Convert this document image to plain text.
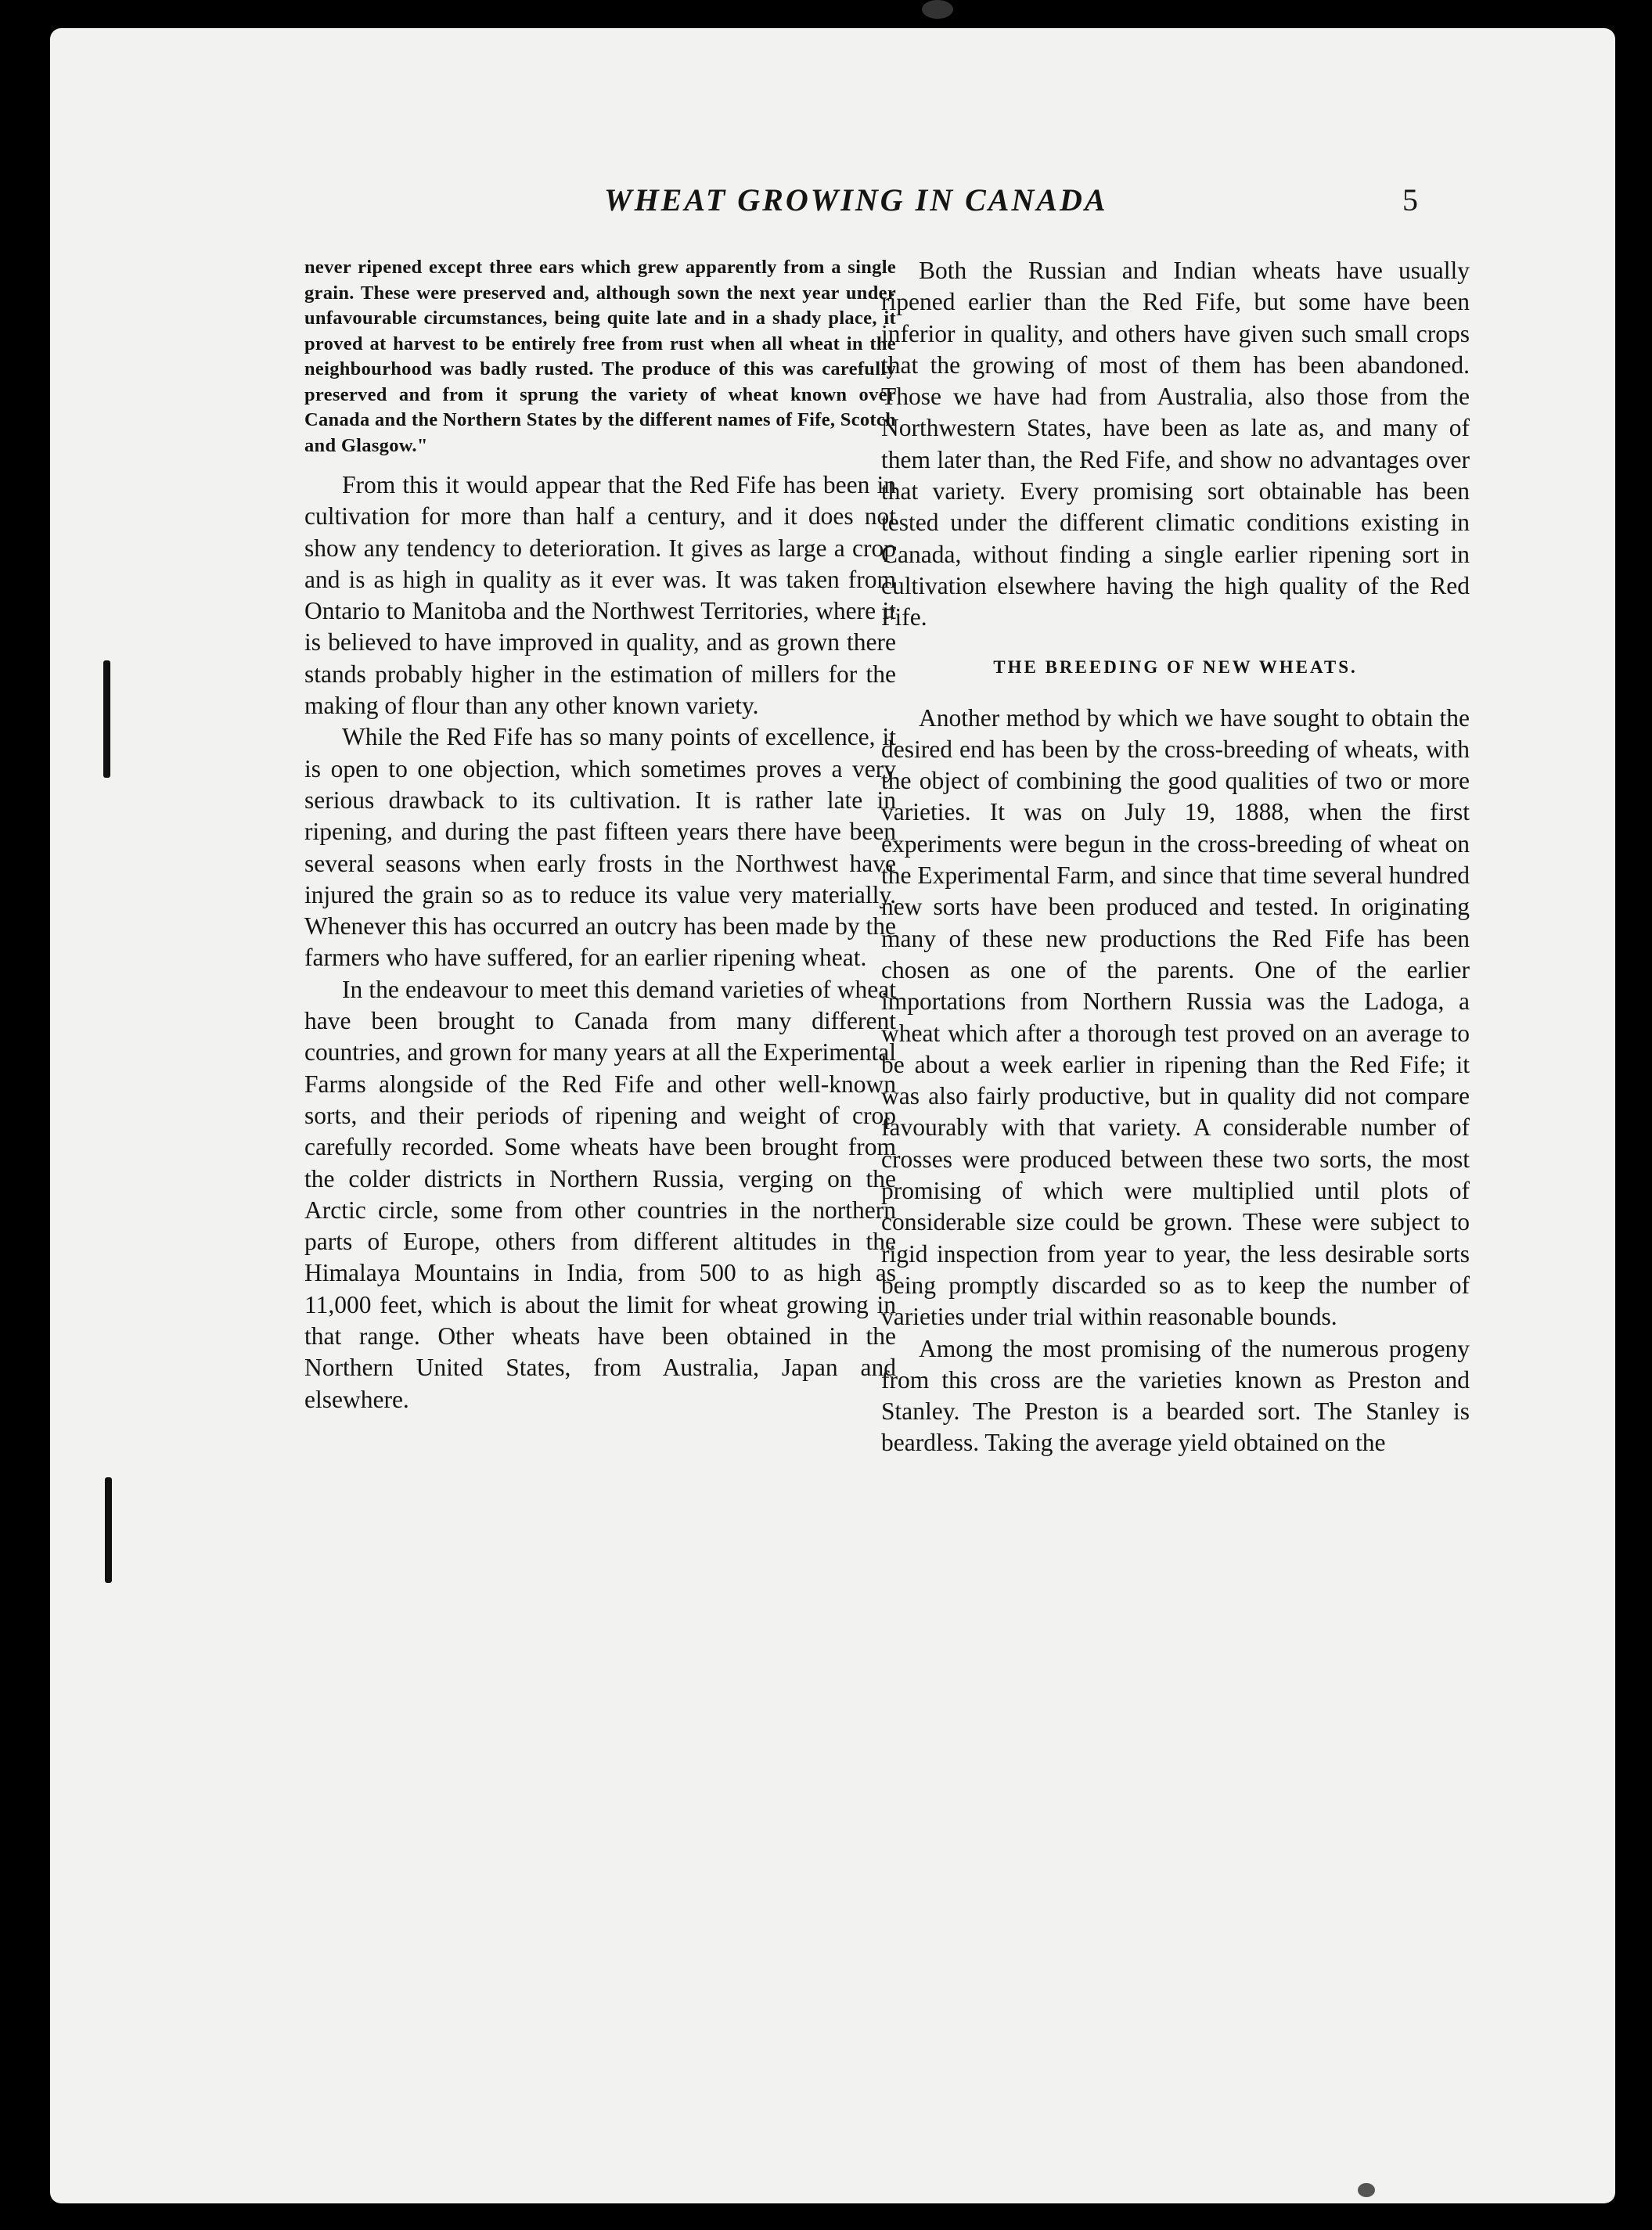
WHEAT GROWING IN CANADA	5

never ripened except three ears which grew apparently from a single grain. These were preserved and, although sown the next year under unfavourable circumstances, being quite late and in a shady place, it proved at harvest to be entirely free from rust when all wheat in the neighbourhood was badly rusted. The produce of this was carefully preserved and from it sprung the variety of wheat known over Canada and the Northern States by the different names of Fife, Scotch and Glasgow."

From this it would appear that the Red Fife has been in cultivation for more than half a century, and it does not show any tendency to deterioration. It gives as large a crop and is as high in quality as it ever was. It was taken from Ontario to Manitoba and the Northwest Territories, where it is believed to have improved in quality, and as grown there stands probably higher in the estimation of millers for the making of flour than any other known variety.

While the Red Fife has so many points of excellence, it is open to one objection, which sometimes proves a very serious drawback to its cultivation. It is rather late in ripening, and during the past fifteen years there have been several seasons when early frosts in the Northwest have injured the grain so as to reduce its value very materially. Whenever this has occurred an outcry has been made by the farmers who have suffered, for an earlier ripening wheat.

In the endeavour to meet this demand varieties of wheat have been brought to Canada from many different countries, and grown for many years at all the Experimental Farms alongside of the Red Fife and other well-known sorts, and their periods of ripening and weight of crop carefully recorded. Some wheats have been brought from the colder districts in Northern Russia, verging on the Arctic circle, some from other countries in the northern parts of Europe, others from different altitudes in the Himalaya Mountains in India, from 500 to as high as 11,000 feet, which is about the limit for wheat growing in that range. Other wheats have been obtained in the Northern United States, from Australia, Japan and elsewhere.

Both the Russian and Indian wheats have usually ripened earlier than the Red Fife, but some have been inferior in quality, and others have given such small crops that the growing of most of them has been abandoned. Those we have had from Australia, also those from the Northwestern States, have been as late as, and many of them later than, the Red Fife, and show no advantages over that variety. Every promising sort obtainable has been tested under the different climatic conditions existing in Canada, without finding a single earlier ripening sort in cultivation elsewhere having the high quality of the Red Fife.

THE BREEDING OF NEW WHEATS.

Another method by which we have sought to obtain the desired end has been by the cross-breeding of wheats, with the object of combining the good qualities of two or more varieties. It was on July 19, 1888, when the first experiments were begun in the cross-breeding of wheat on the Experimental Farm, and since that time several hundred new sorts have been produced and tested. In originating many of these new productions the Red Fife has been chosen as one of the parents. One of the earlier importations from Northern Russia was the Ladoga, a wheat which after a thorough test proved on an average to be about a week earlier in ripening than the Red Fife; it was also fairly productive, but in quality did not compare favourably with that variety. A considerable number of crosses were produced between these two sorts, the most promising of which were multiplied until plots of considerable size could be grown. These were subject to rigid inspection from year to year, the less desirable sorts being promptly discarded so as to keep the number of varieties under trial within reasonable bounds.

Among the most promising of the numerous progeny from this cross are the varieties known as Preston and Stanley. The Preston is a bearded sort. The Stanley is beardless. Taking the average yield obtained on the
